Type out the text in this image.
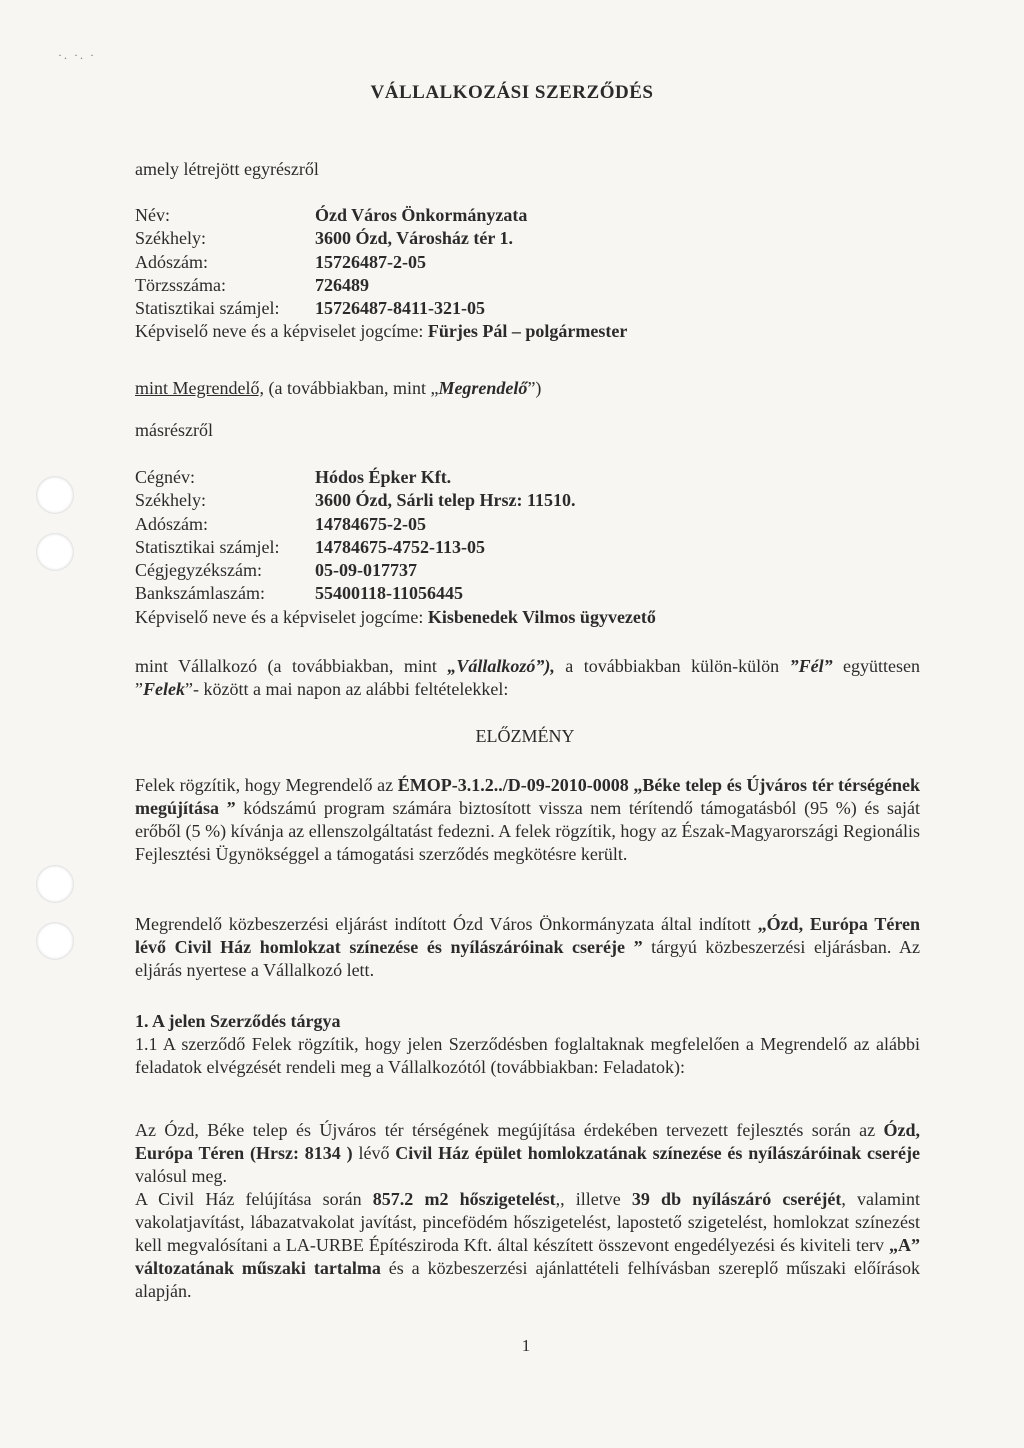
·. ·. ·
VÁLLALKOZÁSI SZERZŐDÉS

amely létrejött egyrészről

Név:	Ózd Város Önkormányzata
Székhely:	3600 Ózd, Városház tér 1.
Adószám:	15726487-2-05
Törzsszáma:	726489
Statisztikai számjel:	15726487-8411-321-05
Képviselő neve és a képviselet jogcíme:
Fürjes Pál – polgármester

mint Megrendelő, (a továbbiakban, mint „Megrendelő”)

másrészről

Cégnév:	Hódos Épker Kft.
Székhely:	3600 Ózd, Sárli telep Hrsz: 11510.
Adószám:	14784675-2-05
Statisztikai számjel:	14784675-4752-113-05
Cégjegyzékszám:	05-09-017737
Bankszámlaszám:	55400118-11056445
Képviselő neve és a képviselet jogcíme:
Kisbenedek Vilmos ügyvezető

mint Vállalkozó (a továbbiakban, mint „Vállalkozó”), a továbbiakban külön-külön ”Fél” együttesen ”Felek”- között a mai napon az alábbi feltételekkel:

ELŐZMÉNY

Felek rögzítik, hogy Megrendelő az ÉMOP-3.1.2../D-09-2010-0008 „Béke telep és Újváros tér térségének megújítása ” kódszámú program számára biztosított vissza nem térítendő támogatásból (95 %) és saját erőből (5 %) kívánja az ellenszolgáltatást fedezni. A felek rögzítik, hogy az Észak-Magyarországi Regionális Fejlesztési Ügynökséggel a támogatási szerződés megkötésre került.

Megrendelő közbeszerzési eljárást indított Ózd Város Önkormányzata által indított „Ózd, Európa Téren lévő Civil Ház homlokzat színezése és nyílászáróinak cseréje ” tárgyú közbeszerzési eljárásban. Az eljárás nyertese a Vállalkozó lett.

1. A jelen Szerződés tárgya

1.1 A szerződő Felek rögzítik, hogy jelen Szerződésben foglaltaknak megfelelően a Megrendelő az alábbi feladatok elvégzését rendeli meg a Vállalkozótól (továbbiakban: Feladatok):

Az Ózd, Béke telep és Újváros tér térségének megújítása érdekében tervezett fejlesztés során az Ózd, Európa Téren (Hrsz: 8134 ) lévő Civil Ház épület homlokzatának színezése és nyílászáróinak cseréje valósul meg.

A Civil Ház felújítása során 857.2 m2 hőszigetelést,, illetve 39 db nyílászáró cseréjét, valamint vakolatjavítást, lábazatvakolat javítást, pincefödém hőszigetelést, lapostető szigetelést, homlokzat színezést kell megvalósítani a LA-URBE Építésziroda Kft. által készített összevont engedélyezési és kiviteli terv „A” változatának műszaki tartalma és a közbeszerzési ajánlattételi felhívásban szereplő műszaki előírások alapján.

1
